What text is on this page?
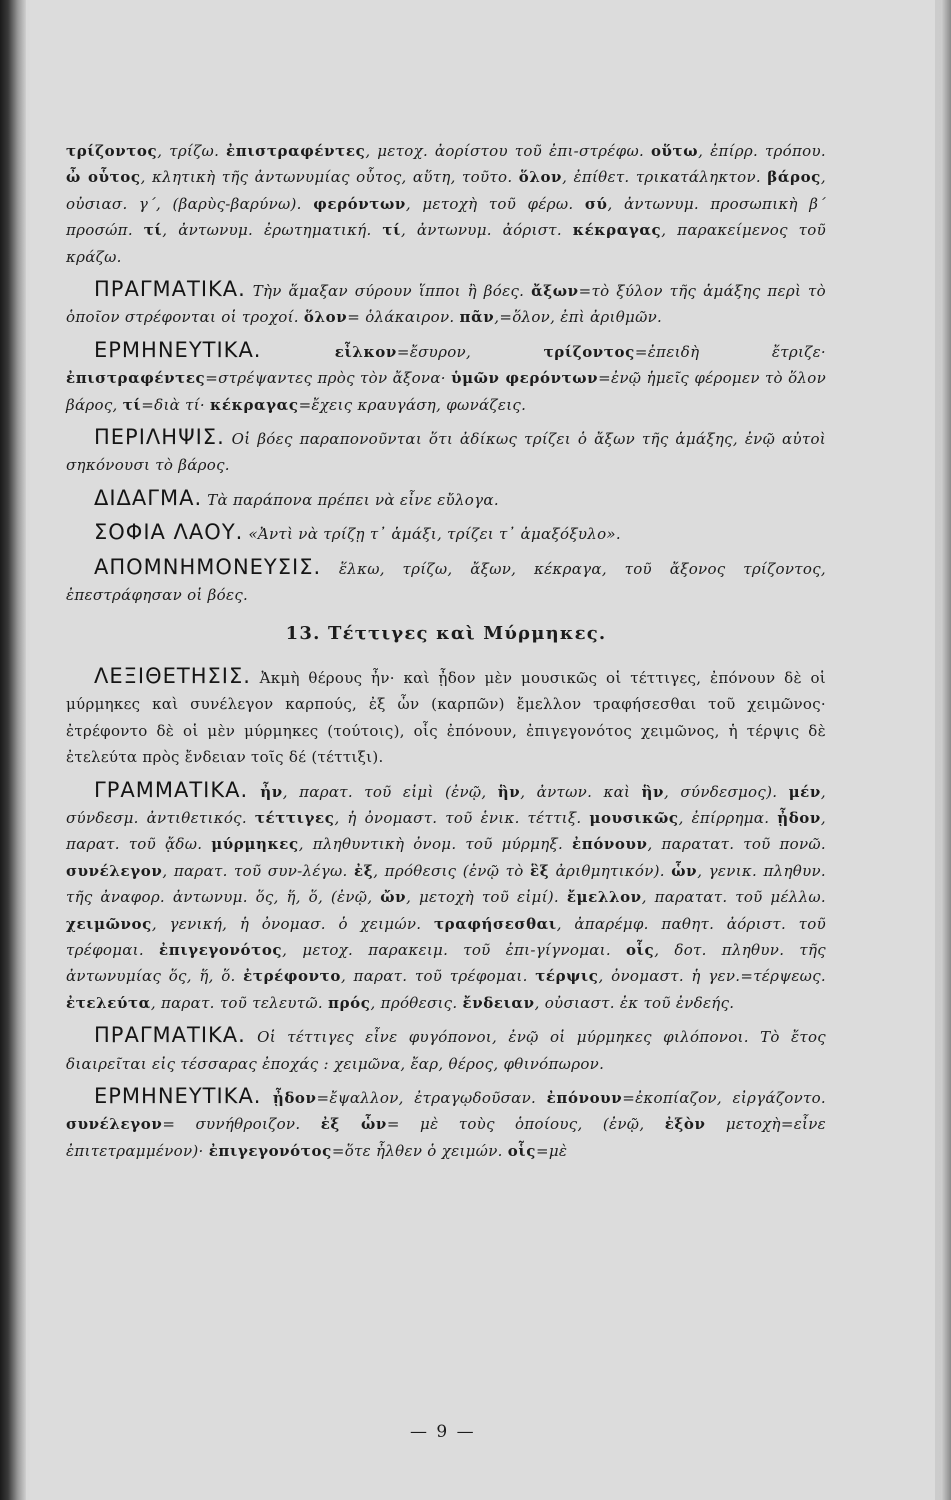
τρίζοντος, τρίζω. ἐπιστραφέντες, μετοχ. ἀορίστου τοῦ ἐπι-στρέφω. οὕτω, ἐπίρρ. τρόπου. ὦ οὗτος, κλητικὴ τῆς ἀντωνυμίας οὗτος, αὕτη, τοῦτο. ὅλον, ἐπίθετ. τρικατάληκτον. βάρος, οὐσιασ. γ΄, (βαρὺς-βαρύνω). φερόντων, μετοχὴ τοῦ φέρω. σύ, ἀντωνυμ. προσωπικὴ β΄ προσώπ. τί, ἀντωνυμ. ἐρωτηματική. τί, ἀντωνυμ. ἀόριστ. κέκραγας, παρακείμενος τοῦ κράζω.

ΠΡΑΓΜΑΤΙΚΑ. Τὴν ἅμαξαν σύρουν ἵπποι ἢ βόες. ἄξων=τὸ ξύλον τῆς ἁμάξης περὶ τὸ ὁποῖον στρέφονται οἱ τροχοί. ὅλον= ὁλάκαιρον. πᾶν,=ὅλον, ἐπὶ ἀριθμῶν.

ΕΡΜΗΝΕΥΤΙΚΑ. εἶλκον=ἔσυρον, τρίζοντος=ἐπειδὴ ἔτριζε· ἐπιστραφέντες=στρέψαντες πρὸς τὸν ἄξονα· ὑμῶν φερόντων=ἐνῷ ἡμεῖς φέρομεν τὸ ὅλον βάρος, τί=διὰ τί· κέκραγας=ἔχεις κραυγάση, φωνάζεις.

ΠΕΡΙΛΗΨΙΣ. Οἱ βόες παραπονοῦνται ὅτι ἀδίκως τρίζει ὁ ἄξων τῆς ἁμάξης, ἐνῷ αὐτοὶ σηκόνουσι τὸ βάρος.

ΔΙΔΑΓΜΑ. Τὰ παράπονα πρέπει νὰ εἶνε εὔλογα.

ΣΟΦΙΑ ΛΑΟΥ. «Ἀντὶ νὰ τρίζῃ τ᾽ ἁμάξι, τρίζει τ᾽ ἁμαξόξυλο».

ΑΠΟΜΝΗΜΟΝΕΥΣΙΣ. ἕλκω, τρίζω, ἄξων, κέκραγα, τοῦ ἄξονος τρίζοντος, ἐπεστράφησαν οἱ βόες.

13. Τέττιγες καὶ Μύρμηκες.

ΛΕΞΙΘΕΤΗΣΙΣ. Ἀκμὴ θέρους ἦν· καὶ ᾖδον μὲν μουσικῶς οἱ τέττιγες, ἐπόνουν δὲ οἱ μύρμηκες καὶ συνέλεγον καρπούς, ἐξ ὧν (καρπῶν) ἔμελλον τραφήσεσθαι τοῦ χειμῶνος· ἐτρέφοντο δὲ οἱ μὲν μύρμηκες (τούτοις), οἷς ἐπόνουν, ἐπιγεγονότος χειμῶνος, ἡ τέρψις δὲ ἐτελεύτα πρὸς ἔνδειαν τοῖς δέ (τέττιξι).

ΓΡΑΜΜΑΤΙΚΑ. ἦν, παρατ. τοῦ εἰμὶ (ἐνῷ, ἣν, ἀντων. καὶ ἣν, σύνδεσμος). μέν, σύνδεσμ. ἀντιθετικός. τέττιγες, ἡ ὀνομαστ. τοῦ ἑνικ. τέττιξ. μουσικῶς, ἐπίρρημα. ᾖδον, παρατ. τοῦ ᾄδω. μύρμηκες, πληθυντικὴ ὀνομ. τοῦ μύρμηξ. ἐπόνουν, παρατατ. τοῦ πονῶ. συνέλεγον, παρατ. τοῦ συν-λέγω. ἐξ, πρόθεσις (ἐνῷ τὸ ἓξ ἀριθμητικόν). ὧν, γενικ. πληθυν. τῆς ἀναφορ. ἀντωνυμ. ὅς, ἥ, ὅ, (ἐνῷ, ὤν, μετοχὴ τοῦ εἰμί). ἔμελλον, παρατατ. τοῦ μέλλω. χειμῶνος, γενική, ἡ ὀνομασ. ὁ χειμών. τραφήσεσθαι, ἀπαρέμφ. παθητ. ἀόριστ. τοῦ τρέφομαι. ἐπιγεγονότος, μετοχ. παρακειμ. τοῦ ἐπι-γίγνομαι. οἷς, δοτ. πληθυν. τῆς ἀντωνυμίας ὅς, ἥ, ὅ. ἐτρέφοντο, παρατ. τοῦ τρέφομαι. τέρψις, ὀνομαστ. ἡ γεν.=τέρψεως. ἐτελεύτα, παρατ. τοῦ τελευτῶ. πρός, πρόθεσις. ἔνδειαν, οὐσιαστ. ἐκ τοῦ ἐνδεής.

ΠΡΑΓΜΑΤΙΚΑ. Οἱ τέττιγες εἶνε φυγόπονοι, ἐνῷ οἱ μύρμηκες φιλόπονοι. Τὸ ἔτος διαιρεῖται εἰς τέσσαρας ἐποχάς : χειμῶνα, ἔαρ, θέρος, φθινόπωρον.

ΕΡΜΗΝΕΥΤΙΚΑ. ᾖδον=ἔψαλλον, ἐτραγῳδοῦσαν. ἐπόνουν=ἐκοπίαζον, εἰργάζοντο. συνέλεγον= συνήθροιζον. ἐξ ὧν= μὲ τοὺς ὁποίους, (ἐνῷ, ἐξὸν μετοχὴ=εἶνε ἐπιτετραμμένον)· ἐπιγεγονότος=ὅτε ἦλθεν ὁ χειμών. οἷς=μὲ

— 9 —
